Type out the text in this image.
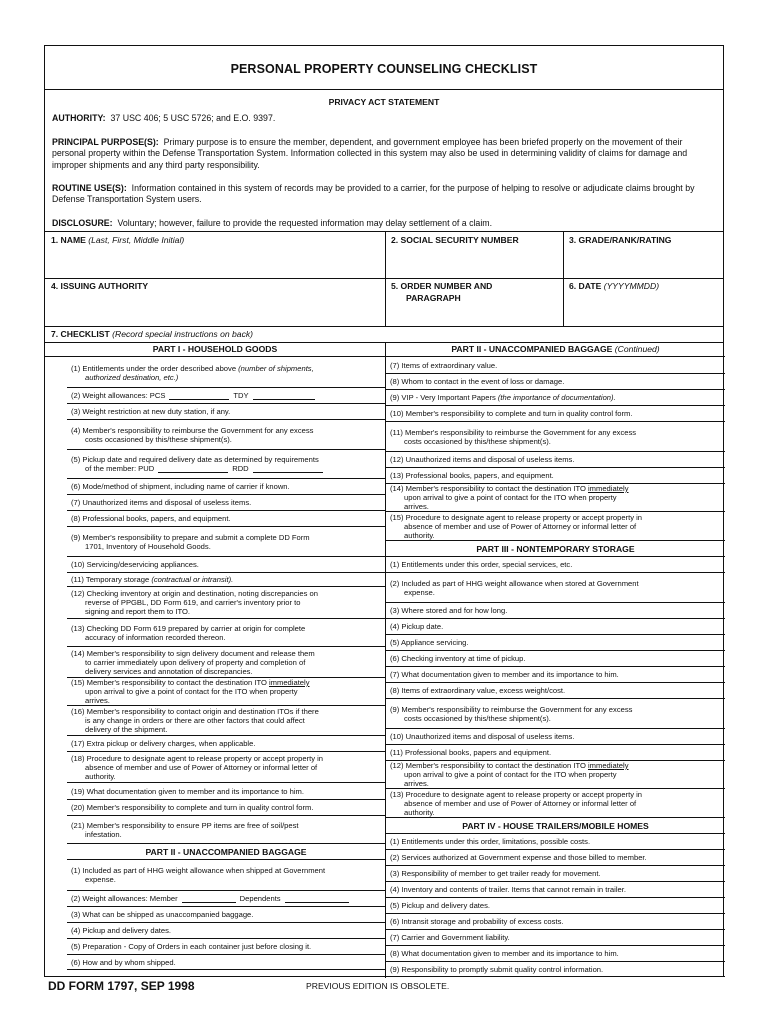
PERSONAL PROPERTY COUNSELING CHECKLIST
PRIVACY ACT STATEMENT
AUTHORITY: 37 USC 406; 5 USC 5726; and E.O. 9397.
PRINCIPAL PURPOSE(S): Primary purpose is to ensure the member, dependent, and government employee has been briefed properly on the movement of their personal property within the Defense Transportation System. Information collected in this system may also be used in determining validity of claims for damage and improper shipments and any third party responsibility.
ROUTINE USE(S): Information contained in this system of records may be provided to a carrier, for the purpose of helping to resolve or adjudicate claims brought by Defense Transportation System users.
DISCLOSURE: Voluntary; however, failure to provide the requested information may delay settlement of a claim.
1. NAME (Last, First, Middle Initial)	2. SOCIAL SECURITY NUMBER	3. GRADE/RANK/RATING
4. ISSUING AUTHORITY	5. ORDER NUMBER AND
PARAGRAPH
6. DATE (YYYYMMDD)
7. CHECKLIST (Record special instructions on back)
PART I - HOUSEHOLD GOODS
(1) Entitlements under the order described above (number of shipments,
authorized destination, etc.)
(2) Weight allowances: PCS	TDY
(3) Weight restriction at new duty station, if any.
(4) Member's responsibility to reimburse the Government for any excess
costs occasioned by this/these shipment(s).
(5) Pickup date and required delivery date as determined by requirements
of the member: PUD	RDD
(6) Mode/method of shipment, including name of carrier if known.
(7) Unauthorized items and disposal of useless items.
(8) Professional books, papers, and equipment.
(9) Member's responsibility to prepare and submit a complete DD Form
1701, Inventory of Household Goods.
(10) Servicing/deservicing appliances.
(11) Temporary storage (contractual or intransit).
(12) Checking inventory at origin and destination, noting discrepancies on
reverse of PPGBL, DD Form 619, and carrier's inventory prior to
signing and report them to ITO.
(13) Checking DD Form 619 prepared by carrier at origin for complete
accuracy of information recorded thereon.
(14) Member's responsibility to sign delivery document and release them
to carrier immediately upon delivery of property and completion of
delivery services and annotation of discrepancies.
(15) Member's responsibility to contact the destination ITO immediately
upon arrival to give a point of contact for the ITO when property
arrives.
(16) Member's responsibility to contact origin and destination ITOs if there
is any change in orders or there are other factors that could affect
delivery of the shipment.
(17) Extra pickup or delivery charges, when applicable.
(18) Procedure to designate agent to release property or accept property in
absence of member and use of Power of Attorney or informal letter of
authority.
(19) What documentation given to member and its importance to him.
(20) Member's responsibility to complete and turn in quality control form.
(21) Member's responsibility to ensure PP items are free of soil/pest
infestation.
PART II - UNACCOMPANIED BAGGAGE
(1) Included as part of HHG weight allowance when shipped at Government
expense.
(2) Weight allowances: Member	Dependents
(3) What can be shipped as unaccompanied baggage.
(4) Pickup and delivery dates.
(5) Preparation - Copy of Orders in each container just before closing it.
(6) How and by whom shipped.
PART II - UNACCOMPANIED BAGGAGE (Continued)
(7) Items of extraordinary value.
(8) Whom to contact in the event of loss or damage.
(9) VIP - Very Important Papers (the importance of documentation).
(10) Member's responsibility to complete and turn in quality control form.
(11) Member's responsibility to reimburse the Government for any excess
costs occasioned by this/these shipment(s).
(12) Unauthorized items and disposal of useless items.
(13) Professional books, papers, and equipment.
(14) Member's responsibility to contact the destination ITO immediately
upon arrival to give a point of contact for the ITO when property
arrives.
(15) Procedure to designate agent to release property or accept property in
absence of member and use of Power of Attorney or informal letter of
authority.
PART III - NONTEMPORARY STORAGE
(1) Entitlements under this order, special services, etc.
(2) Included as part of HHG weight allowance when stored at Government
expense.
(3) Where stored and for how long.
(4) Pickup date.
(5) Appliance servicing.
(6) Checking inventory at time of pickup.
(7) What documentation given to member and its importance to him.
(8) Items of extraordinary value, excess weight/cost.
(9) Member's responsibility to reimburse the Government for any excess
costs occasioned by this/these shipment(s).
(10) Unauthorized items and disposal of useless items.
(11) Professional books, papers and equipment.
(12) Member's responsibility to contact the destination ITO immediately
upon arrival to give a point of contact for the ITO when property
arrives.
(13) Procedure to designate agent to release property or accept property in
absence of member and use of Power of Attorney or informal letter of
authority.
PART IV - HOUSE TRAILERS/MOBILE HOMES
(1) Entitlements under this order, limitations, possible costs.
(2) Services authorized at Government expense and those billed to member.
(3) Responsibility of member to get trailer ready for movement.
(4) Inventory and contents of trailer. Items that cannot remain in trailer.
(5) Pickup and delivery dates.
(6) Intransit storage and probability of excess costs.
(7) Carrier and Government liability.
(8) What documentation given to member and its importance to him.
(9) Responsibility to promptly submit quality control information.
DD FORM 1797, SEP 1998	PREVIOUS EDITION IS OBSOLETE.
